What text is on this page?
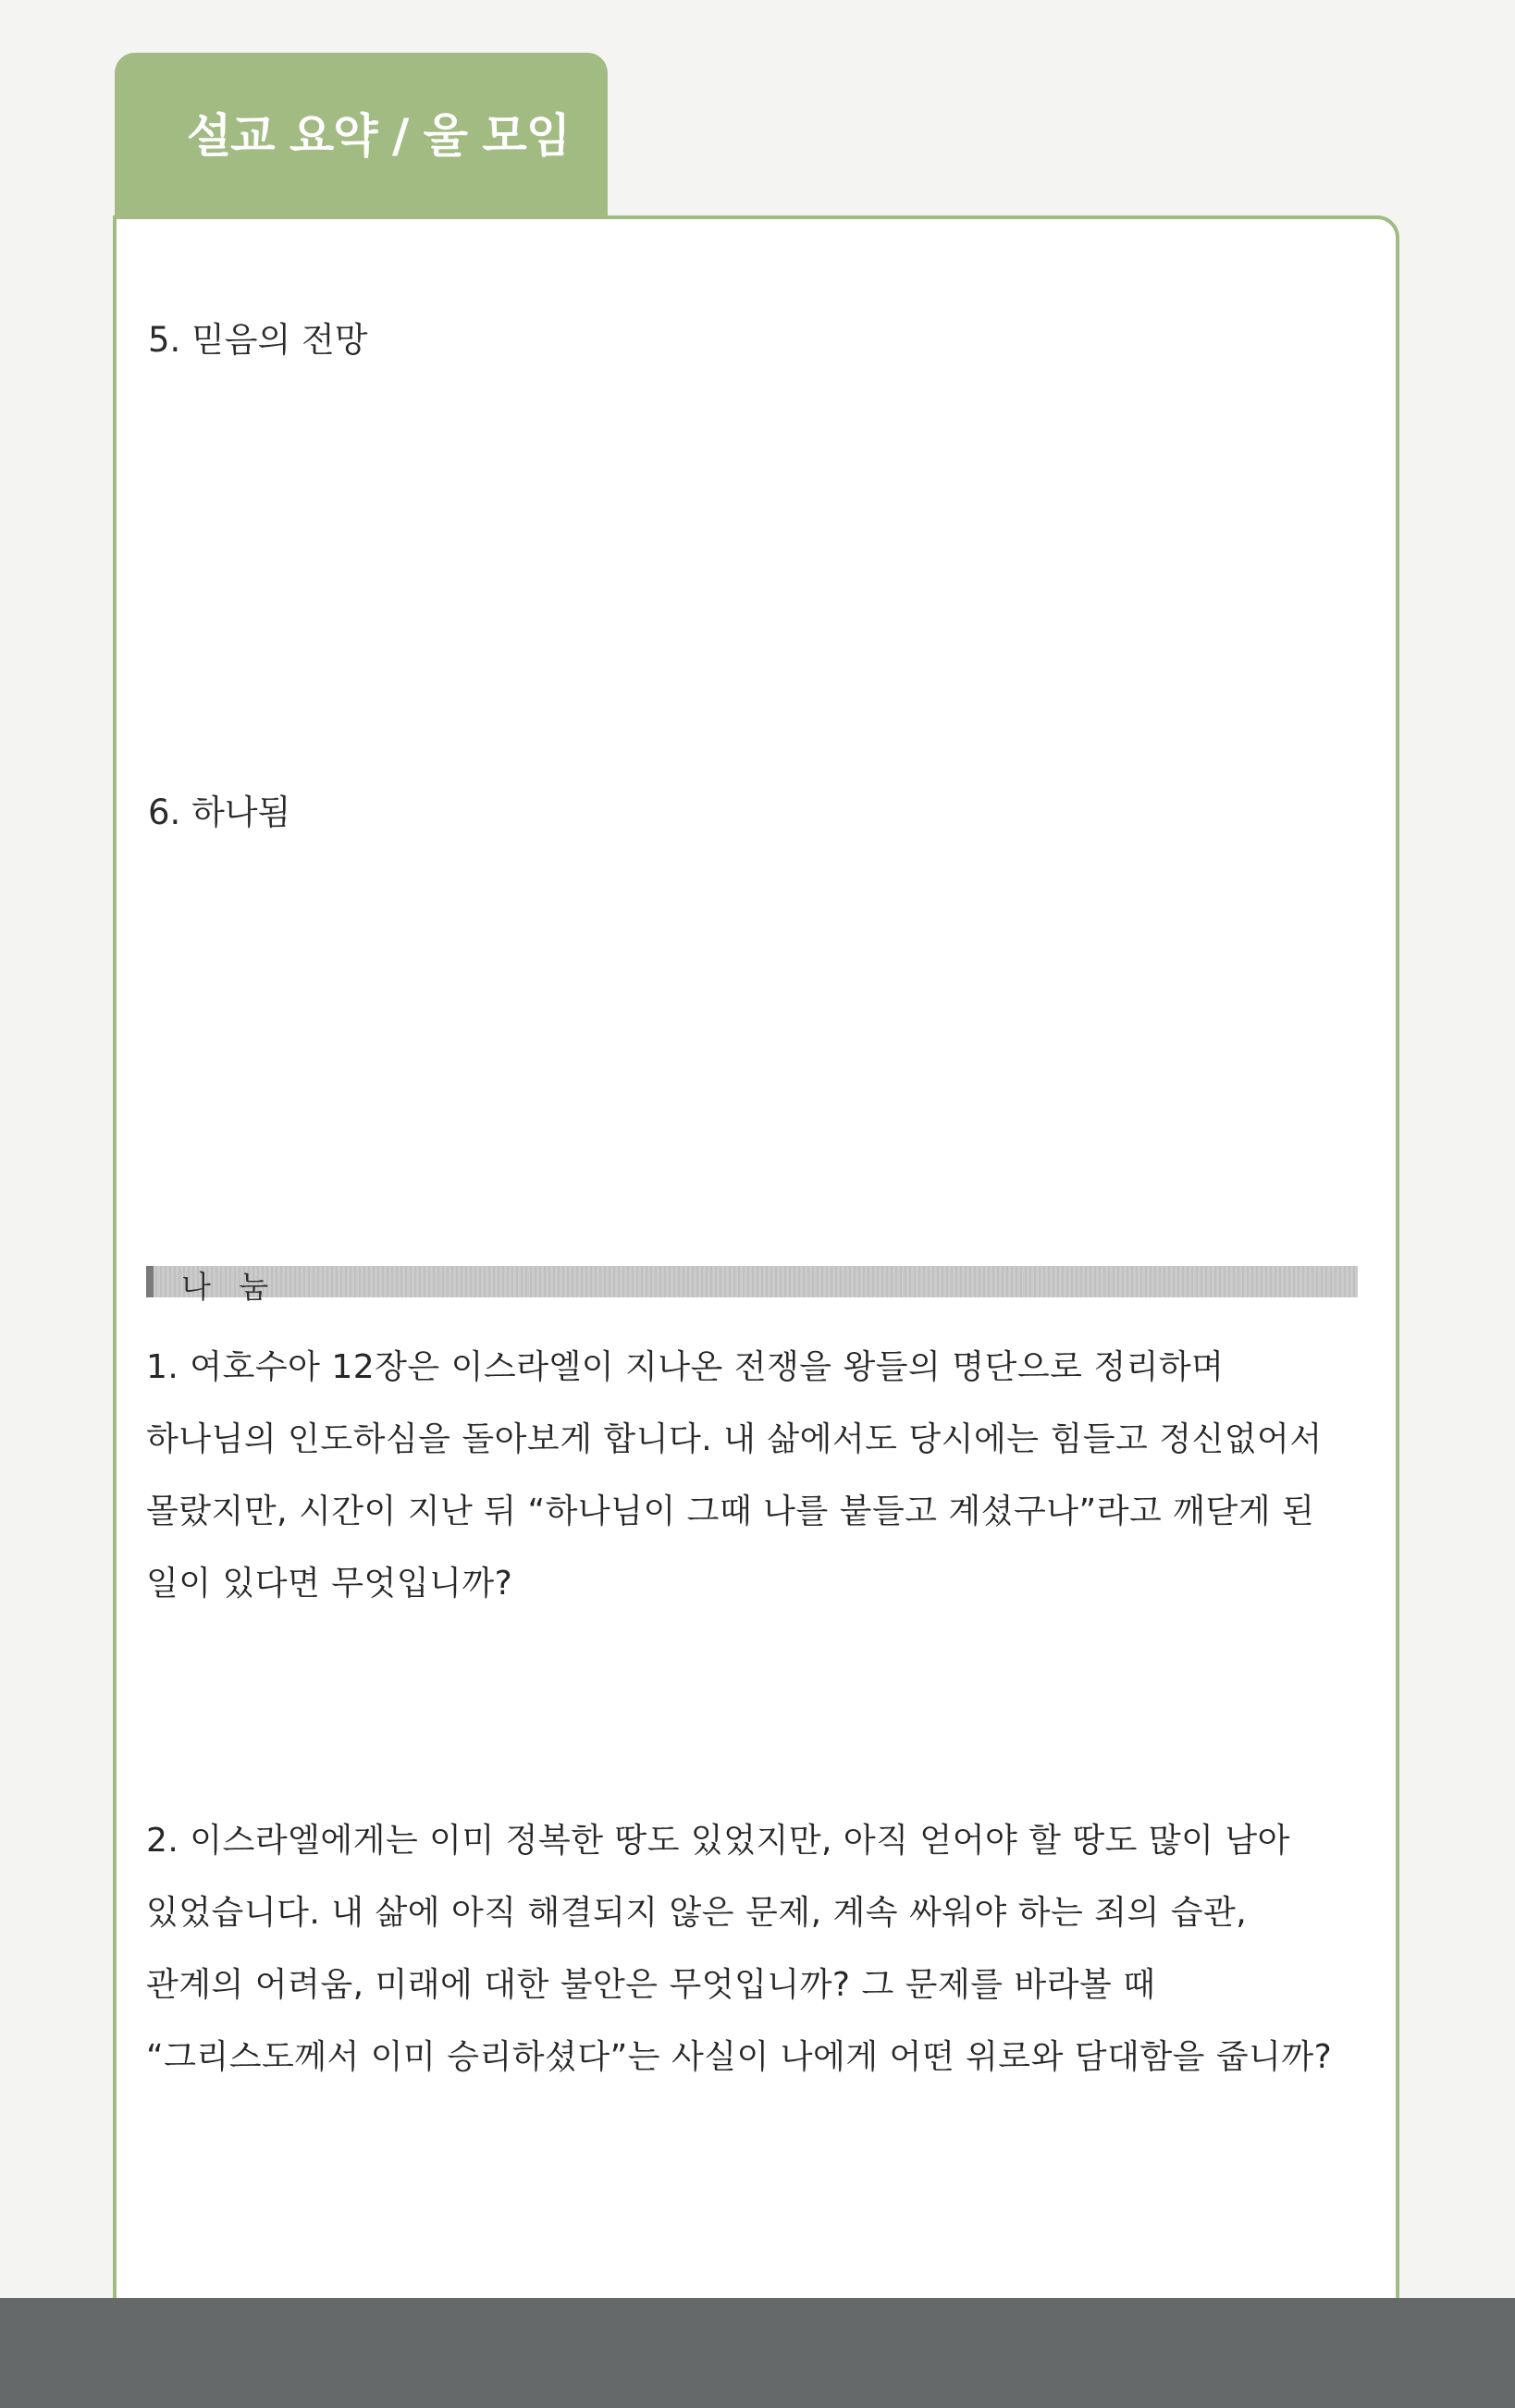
설교 요약 / 울 모임
5. 믿음의 전망
6. 하나됨
나 눔

1. 여호수아 12장은 이스라엘이 지나온 전쟁을 왕들의 명단으로 정리하며
하나님의 인도하심을 돌아보게 합니다. 내 삶에서도 당시에는 힘들고 정신없어서
몰랐지만, 시간이 지난 뒤 “하나님이 그때 나를 붙들고 계셨구나”라고 깨닫게 된
일이 있다면 무엇입니까?

2. 이스라엘에게는 이미 정복한 땅도 있었지만, 아직 얻어야 할 땅도 많이 남아
있었습니다. 내 삶에 아직 해결되지 않은 문제, 계속 싸워야 하는 죄의 습관,
관계의 어려움, 미래에 대한 불안은 무엇입니까? 그 문제를 바라볼 때
“그리스도께서 이미 승리하셨다”는 사실이 나에게 어떤 위로와 담대함을 줍니까?
